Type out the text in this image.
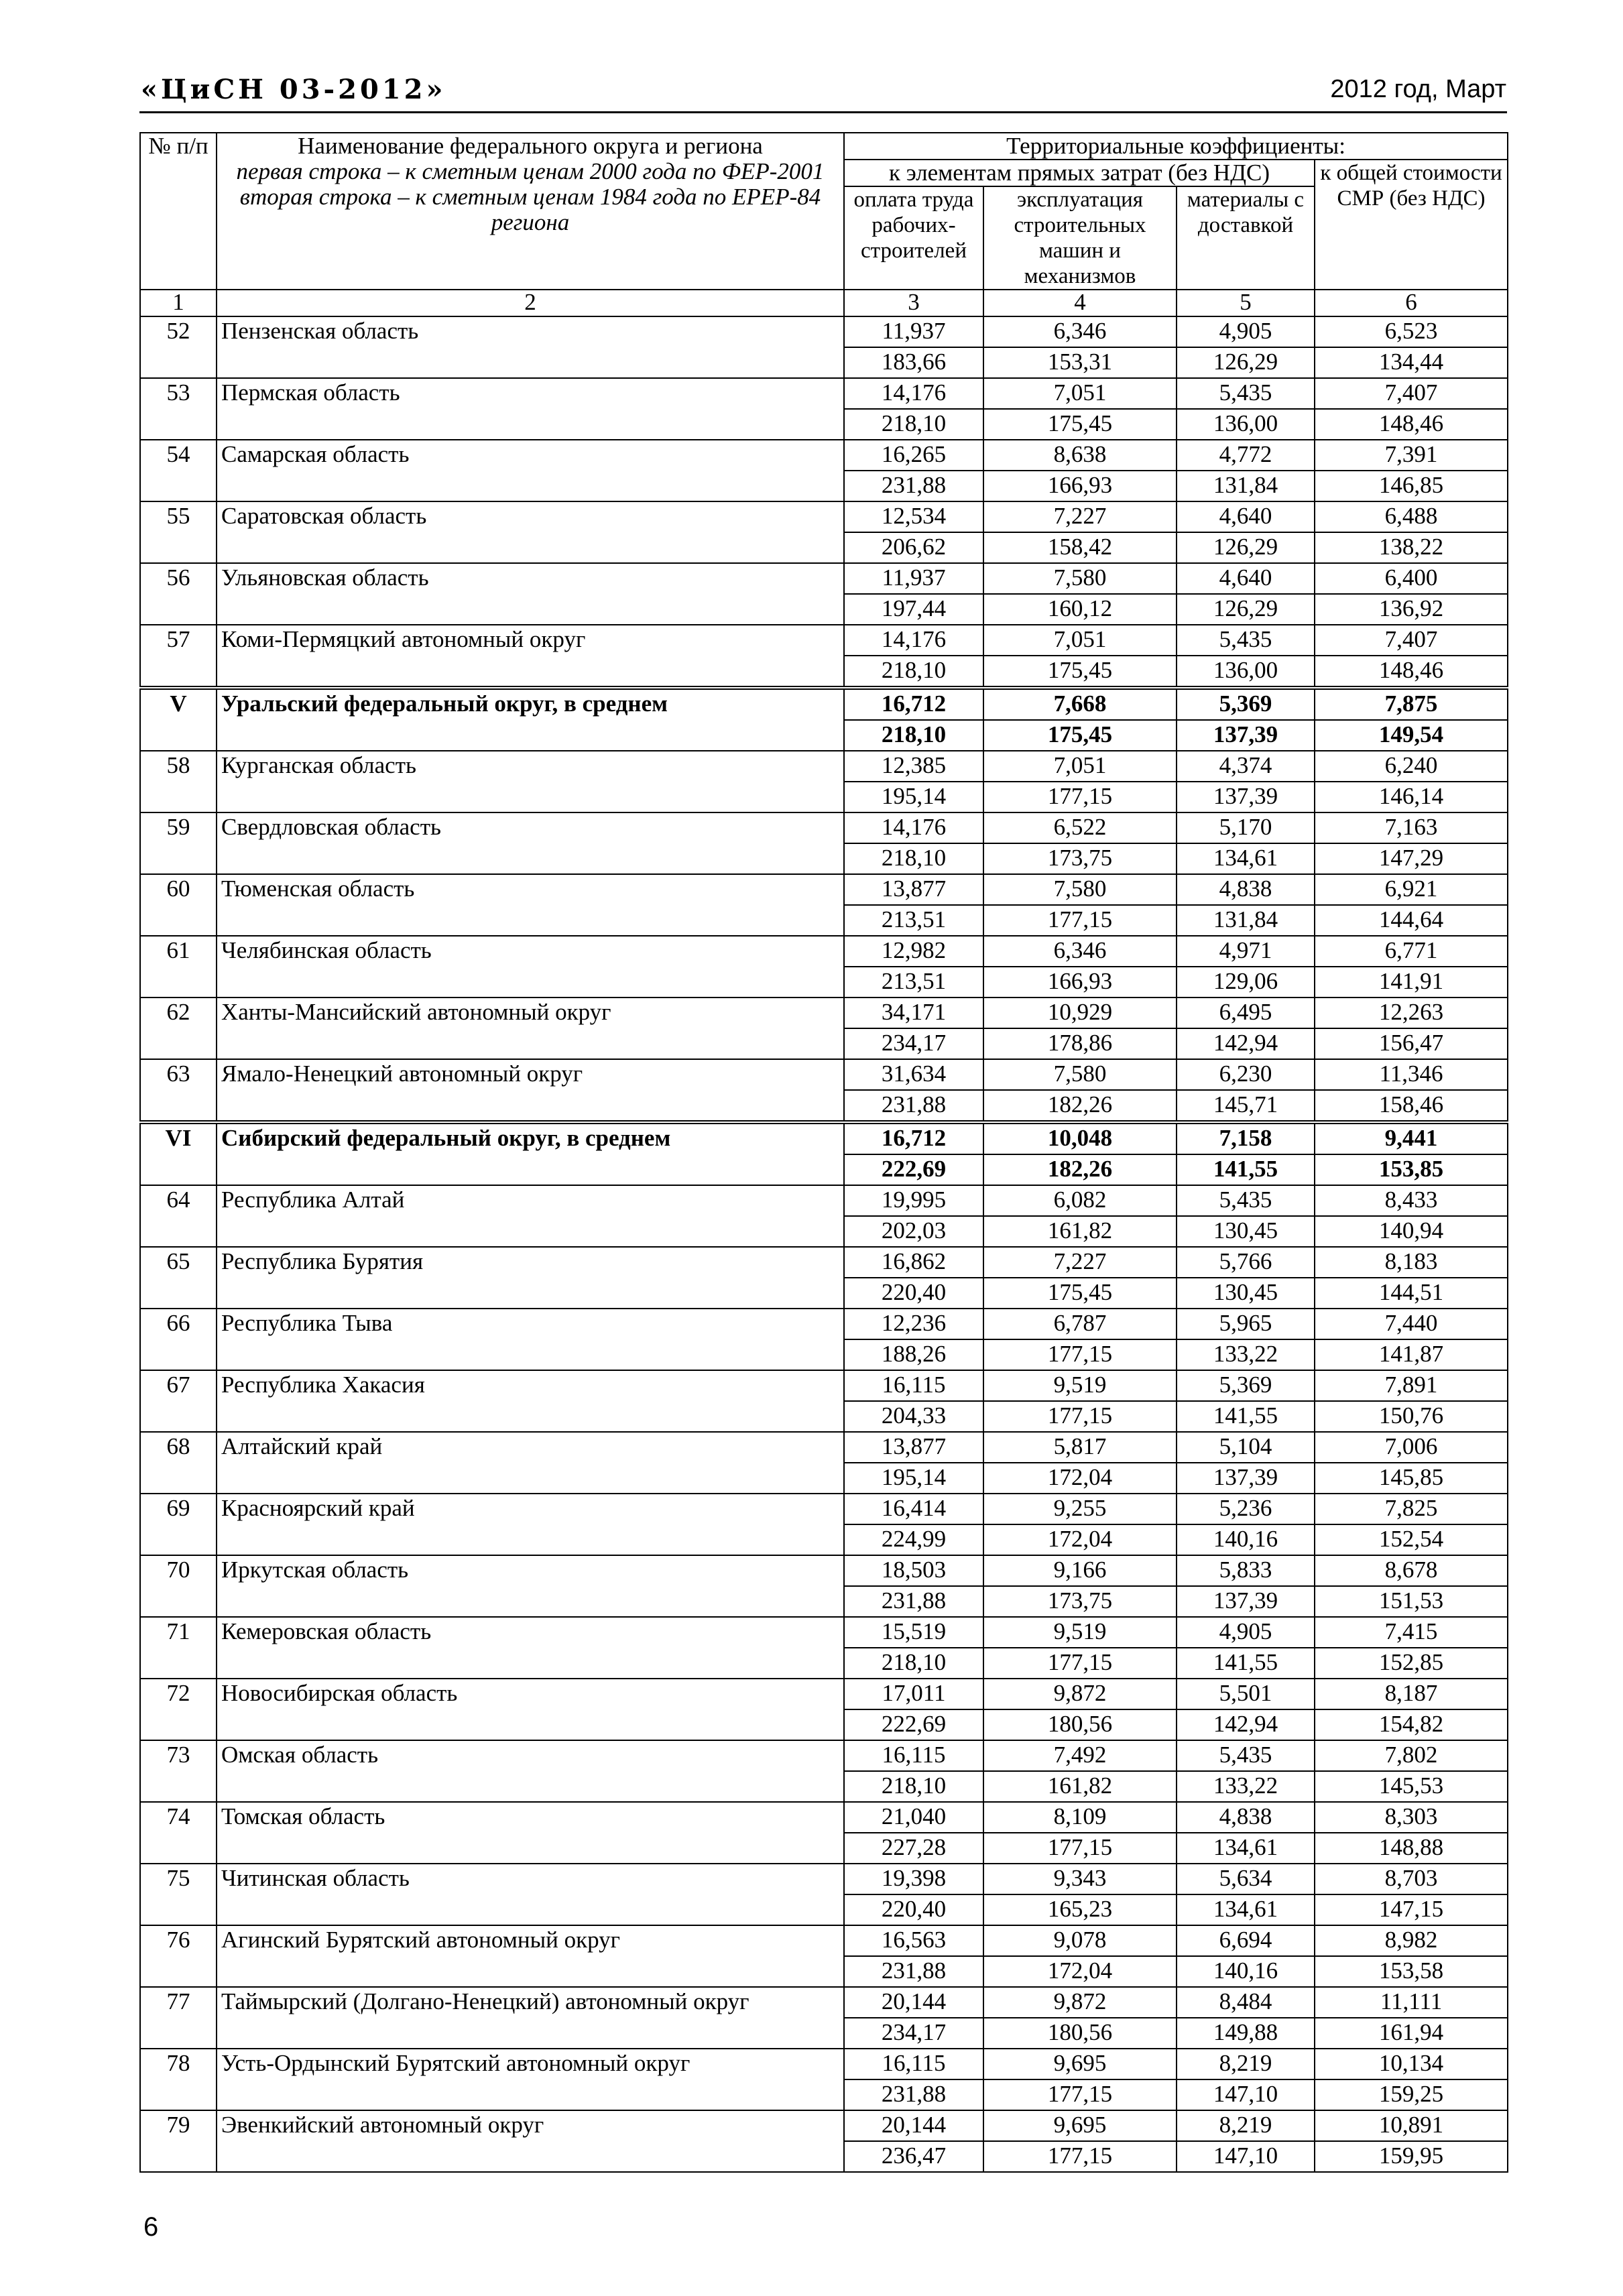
«ЦиСН 03-2012»	2012 год, Март
№ п/п	Наименование федерального округа и региона
первая строка – к сметным ценам 2000 года по ФЕР-2001
вторая строка – к сметным ценам 1984 года по ЕРЕР-84 региона	Территориальные коэффициенты:			
		к элементам прямых затрат (без НДС)			к общей стоимости СМР (без НДС)
		оплата труда рабочих-строителей	эксплуатация строительных машин и механизмов	материалы с доставкой	
1	2	3	4	5	6
52	Пензенская область	11,937	6,346	4,905	6,523
		183,66	153,31	126,29	134,44
53	Пермская область	14,176	7,051	5,435	7,407
		218,10	175,45	136,00	148,46
54	Самарская область	16,265	8,638	4,772	7,391
		231,88	166,93	131,84	146,85
55	Саратовская область	12,534	7,227	4,640	6,488
		206,62	158,42	126,29	138,22
56	Ульяновская область	11,937	7,580	4,640	6,400
		197,44	160,12	126,29	136,92
57	Коми-Пермяцкий автономный округ	14,176	7,051	5,435	7,407
		218,10	175,45	136,00	148,46
V	Уральский федеральный округ, в среднем	16,712	7,668	5,369	7,875
		218,10	175,45	137,39	149,54
58	Курганская область	12,385	7,051	4,374	6,240
		195,14	177,15	137,39	146,14
59	Свердловская область	14,176	6,522	5,170	7,163
		218,10	173,75	134,61	147,29
60	Тюменская область	13,877	7,580	4,838	6,921
		213,51	177,15	131,84	144,64
61	Челябинская область	12,982	6,346	4,971	6,771
		213,51	166,93	129,06	141,91
62	Ханты-Мансийский автономный округ	34,171	10,929	6,495	12,263
		234,17	178,86	142,94	156,47
63	Ямало-Ненецкий автономный округ	31,634	7,580	6,230	11,346
		231,88	182,26	145,71	158,46
VI	Сибирский федеральный округ, в среднем	16,712	10,048	7,158	9,441
		222,69	182,26	141,55	153,85
64	Республика Алтай	19,995	6,082	5,435	8,433
		202,03	161,82	130,45	140,94
65	Республика Бурятия	16,862	7,227	5,766	8,183
		220,40	175,45	130,45	144,51
66	Республика Тыва	12,236	6,787	5,965	7,440
		188,26	177,15	133,22	141,87
67	Республика Хакасия	16,115	9,519	5,369	7,891
		204,33	177,15	141,55	150,76
68	Алтайский край	13,877	5,817	5,104	7,006
		195,14	172,04	137,39	145,85
69	Красноярский край	16,414	9,255	5,236	7,825
		224,99	172,04	140,16	152,54
70	Иркутская область	18,503	9,166	5,833	8,678
		231,88	173,75	137,39	151,53
71	Кемеровская область	15,519	9,519	4,905	7,415
		218,10	177,15	141,55	152,85
72	Новосибирская область	17,011	9,872	5,501	8,187
		222,69	180,56	142,94	154,82
73	Омская область	16,115	7,492	5,435	7,802
		218,10	161,82	133,22	145,53
74	Томская область	21,040	8,109	4,838	8,303
		227,28	177,15	134,61	148,88
75	Читинская область	19,398	9,343	5,634	8,703
		220,40	165,23	134,61	147,15
76	Агинский Бурятский автономный округ	16,563	9,078	6,694	8,982
		231,88	172,04	140,16	153,58
77	Таймырский (Долгано-Ненецкий) автономный округ	20,144	9,872	8,484	11,111
		234,17	180,56	149,88	161,94
78	Усть-Ордынский Бурятский автономный округ	16,115	9,695	8,219	10,134
		231,88	177,15	147,10	159,25
79	Эвенкийский автономный округ	20,144	9,695	8,219	10,891
		236,47	177,15	147,10	159,95
6
